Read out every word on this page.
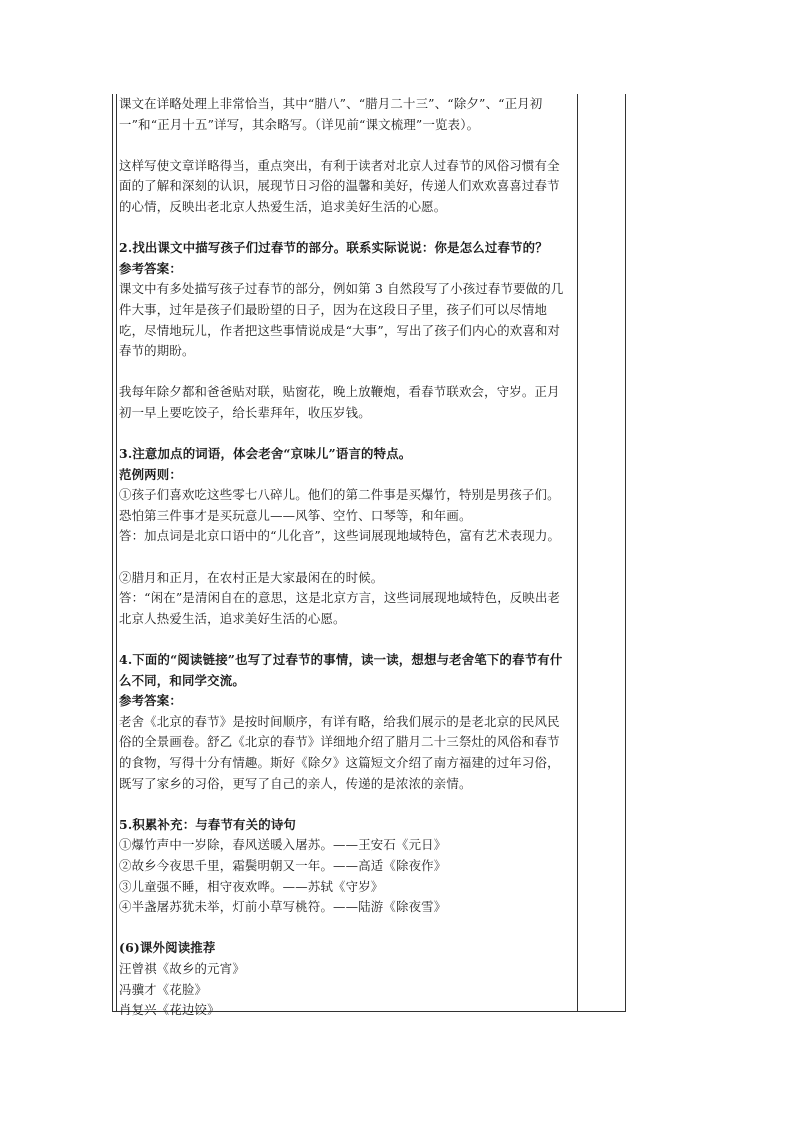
课文在详略处理上非常恰当，其中“腊八”、“腊月二十三”、“除夕”、“正月初一”和“正月十五”详写，其余略写。（详见前“课文梳理”一览表）。

这样写使文章详略得当，重点突出，有利于读者对北京人过春节的风俗习惯有全面的了解和深刻的认识，展现节日习俗的温馨和美好，传递人们欢欢喜喜过春节的心情，反映出老北京人热爱生活，追求美好生活的心愿。

2.找出课文中描写孩子们过春节的部分。联系实际说说：你是怎么过春节的？

参考答案：

课文中有多处描写孩子过春节的部分，例如第 3 自然段写了小孩过春节要做的几件大事，过年是孩子们最盼望的日子，因为在这段日子里，孩子们可以尽情地吃，尽情地玩儿，作者把这些事情说成是“大事”，写出了孩子们内心的欢喜和对春节的期盼。

我每年除夕都和爸爸贴对联，贴窗花，晚上放鞭炮，看春节联欢会，守岁。正月初一早上要吃饺子，给长辈拜年，收压岁钱。

3.注意加点的词语，体会老舍“京味儿”语言的特点。

范例两则：

①孩子们喜欢吃这些零七八碎儿。他们的第二件事是买爆竹，特别是男孩子们。恐怕第三件事才是买玩意儿——风筝、空竹、口琴等，和年画。

答：加点词是北京口语中的“儿化音”，这些词展现地域特色，富有艺术表现力。

②腊月和正月，在农村正是大家最闲在的时候。

答：“闲在”是清闲自在的意思，这是北京方言，这些词展现地域特色，反映出老北京人热爱生活，追求美好生活的心愿。

4.下面的“阅读链接”也写了过春节的事情，读一读，想想与老舍笔下的春节有什么不同，和同学交流。

参考答案：

老舍《北京的春节》是按时间顺序，有详有略，给我们展示的是老北京的民风民俗的全景画卷。舒乙《北京的春节》详细地介绍了腊月二十三祭灶的风俗和春节的食物，写得十分有情趣。斯好《除夕》这篇短文介绍了南方福建的过年习俗，既写了家乡的习俗，更写了自己的亲人，传递的是浓浓的亲情。

5.积累补充：与春节有关的诗句

①爆竹声中一岁除，春风送暖入屠苏。——王安石《元日》

②故乡今夜思千里，霜鬓明朝又一年。——高适《除夜作》

③儿童强不睡，相守夜欢哗。——苏轼《守岁》

④半盏屠苏犹未举，灯前小草写桃符。——陆游《除夜雪》

(6)课外阅读推荐

汪曾祺《故乡的元宵》

冯骥才《花脸》

肖复兴《花边饺》
